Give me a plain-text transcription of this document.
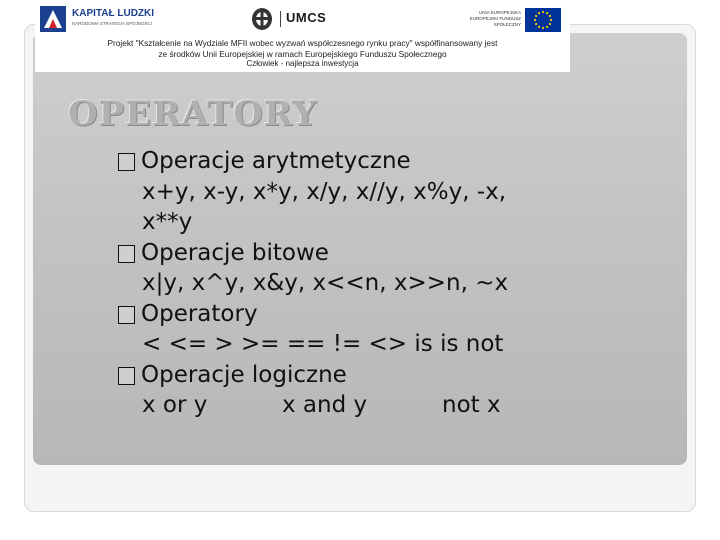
KAPITAŁ LUDZKI
NARODOWA STRATEGIA SPÓJNOŚCI	UMCS	UNIA EUROPEJSKA EUROPEJSKI FUNDUSZ SPOŁECZNY
Projekt "Kształcenie na Wydziale MFII wobec wyzwań współczesnego rynku pracy" współfinansowany jest
ze środków Unii Europejskiej w ramach Europejskiego Funduszu Społecznego
Człowiek - najlepsza inwestycja
OPERATORY
Operacje arytmetyczne
x+y, x-y, x*y, x/y, x//y, x%y, -x,
x**y
Operacje bitowe
x|y, x^y, x&y, x<<n, x>>n, ~x
Operatory
< <= > >= == != <> is is not
Operacje logiczne
x or y	x and y	not x
